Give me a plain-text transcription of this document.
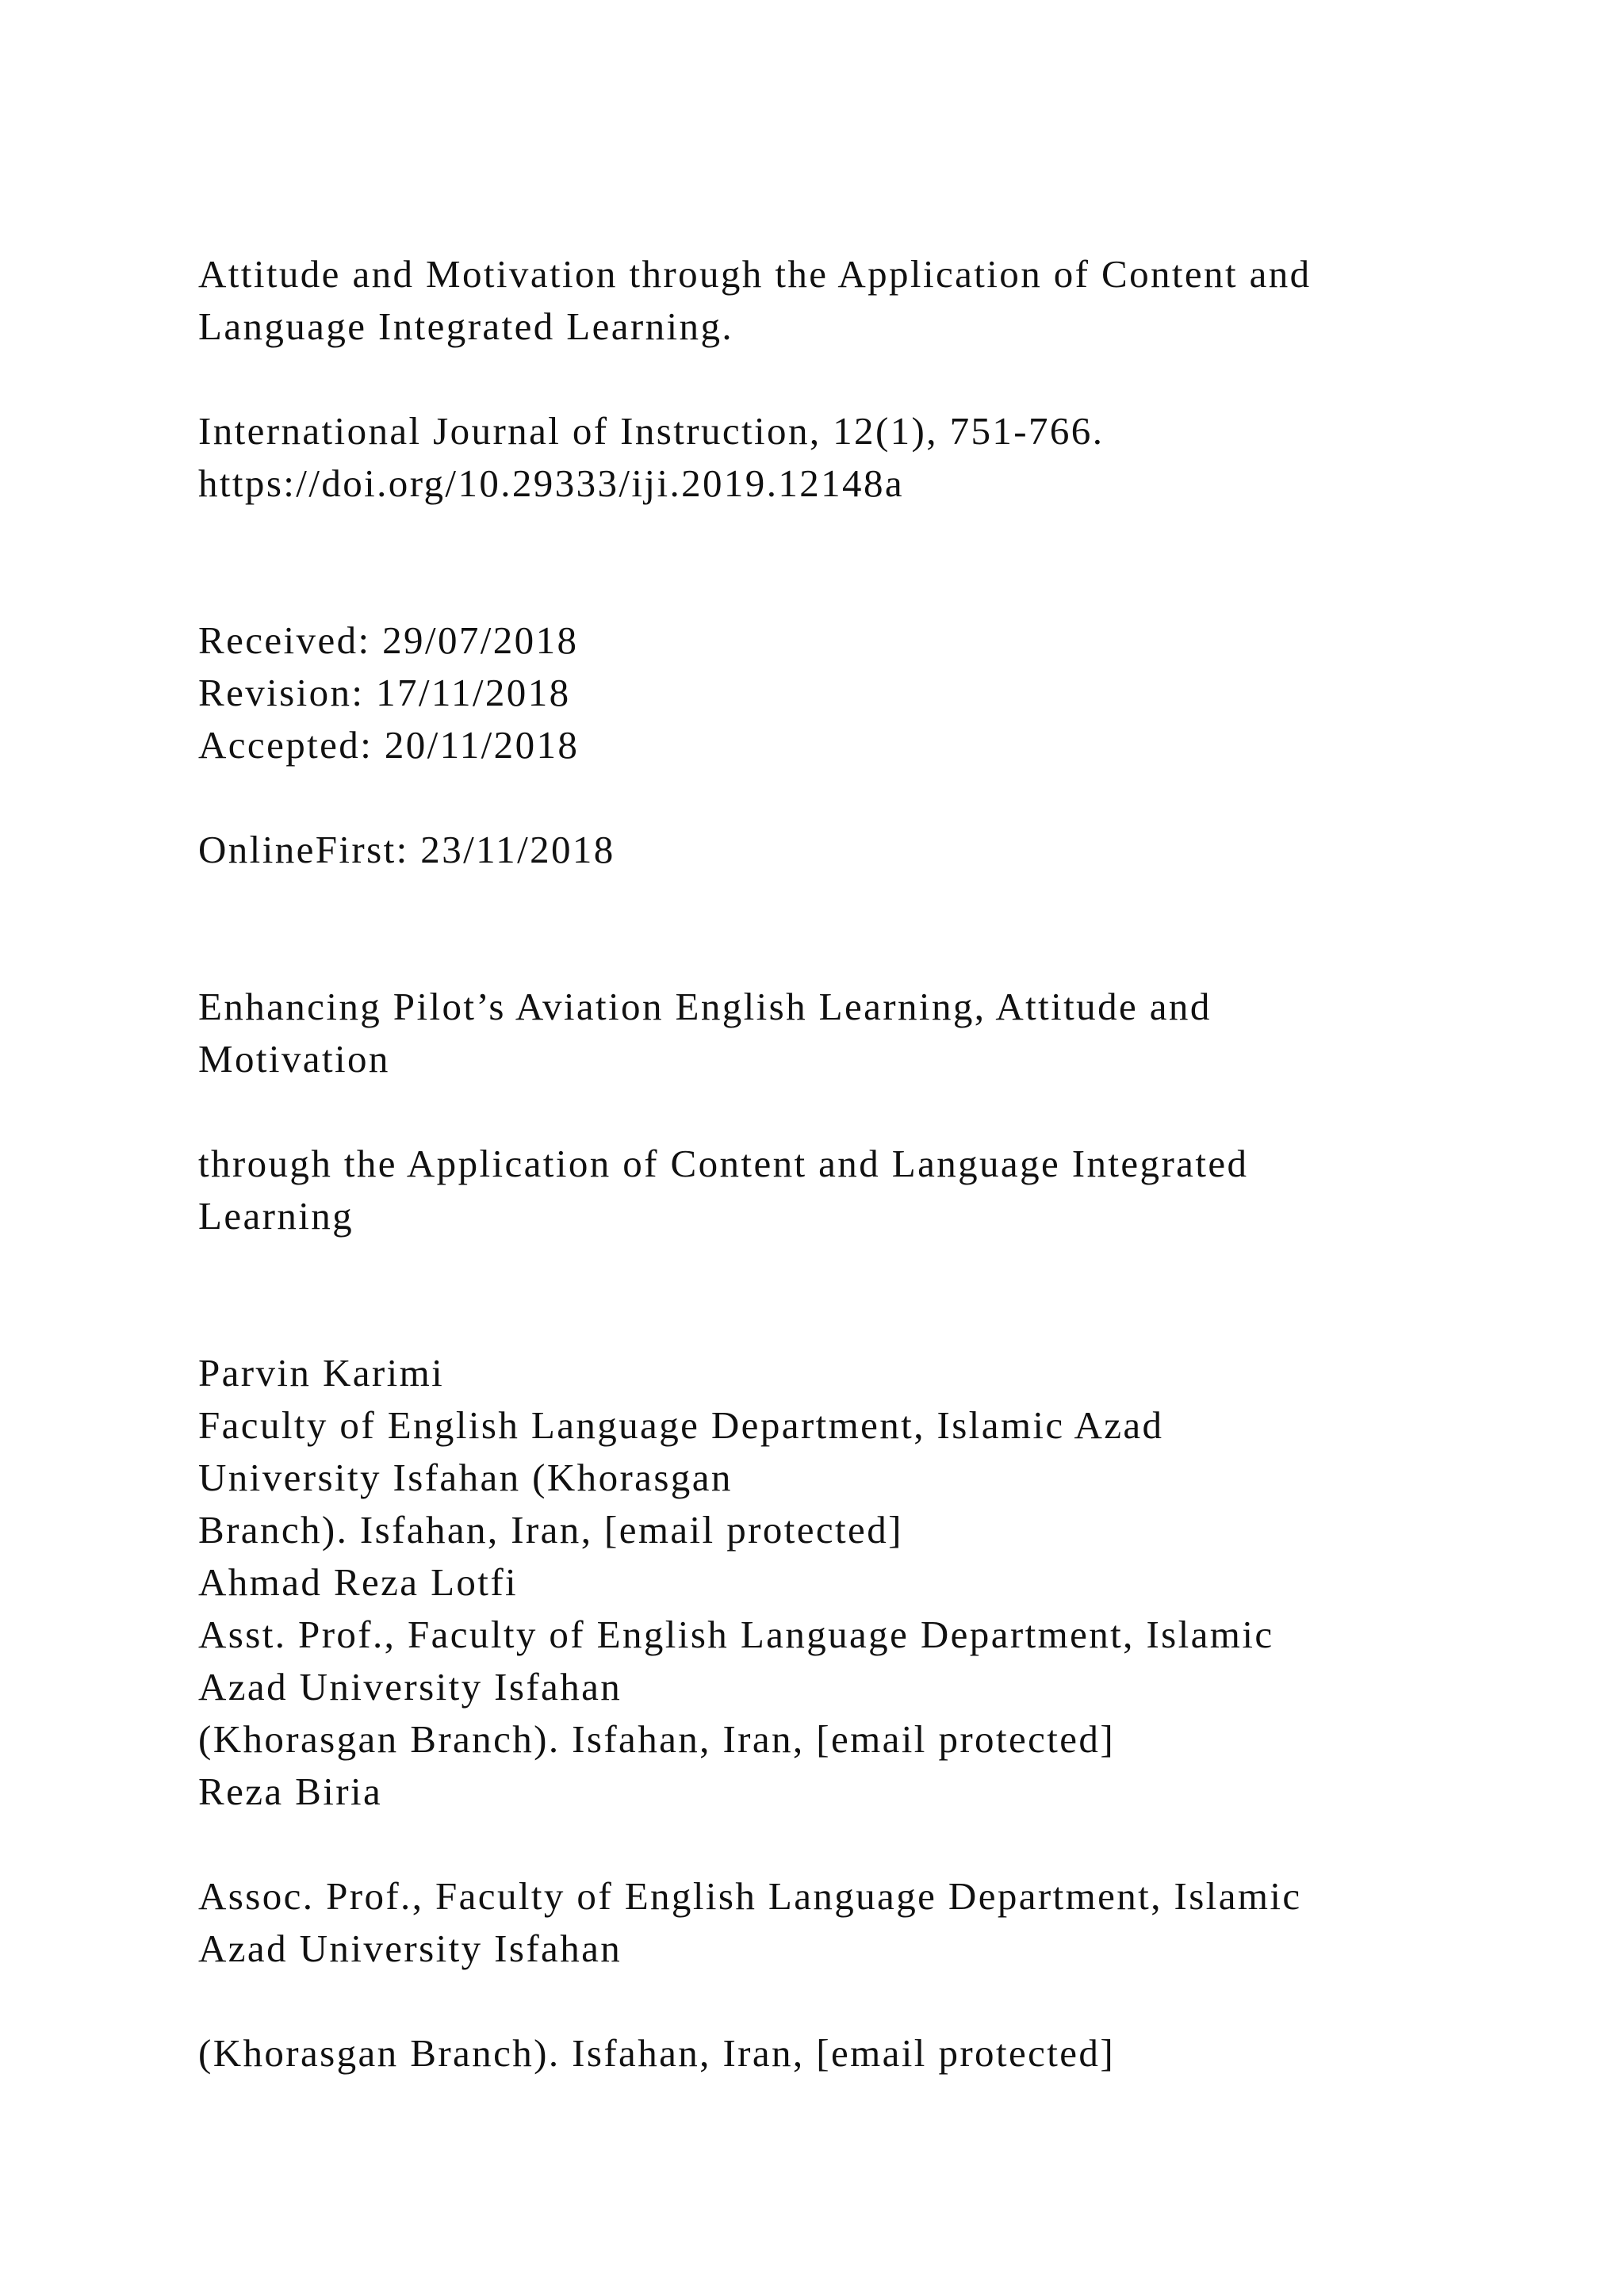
Attitude and Motivation through the Application of Content and

Language Integrated Learning.

International Journal of Instruction, 12(1), 751-766.

https://doi.org/10.29333/iji.2019.12148a

Received: 29/07/2018

Revision: 17/11/2018

Accepted: 20/11/2018

OnlineFirst: 23/11/2018

Enhancing Pilot’s Aviation English Learning, Attitude and

Motivation

through the Application of Content and Language Integrated

Learning

Parvin Karimi

Faculty of English Language Department, Islamic Azad

University Isfahan (Khorasgan

Branch). Isfahan, Iran, [email protected]

Ahmad Reza Lotfi

Asst. Prof., Faculty of English Language Department, Islamic

Azad University Isfahan

(Khorasgan Branch). Isfahan, Iran, [email protected]

Reza Biria

Assoc. Prof., Faculty of English Language Department, Islamic

Azad University Isfahan

(Khorasgan Branch). Isfahan, Iran, [email protected]
